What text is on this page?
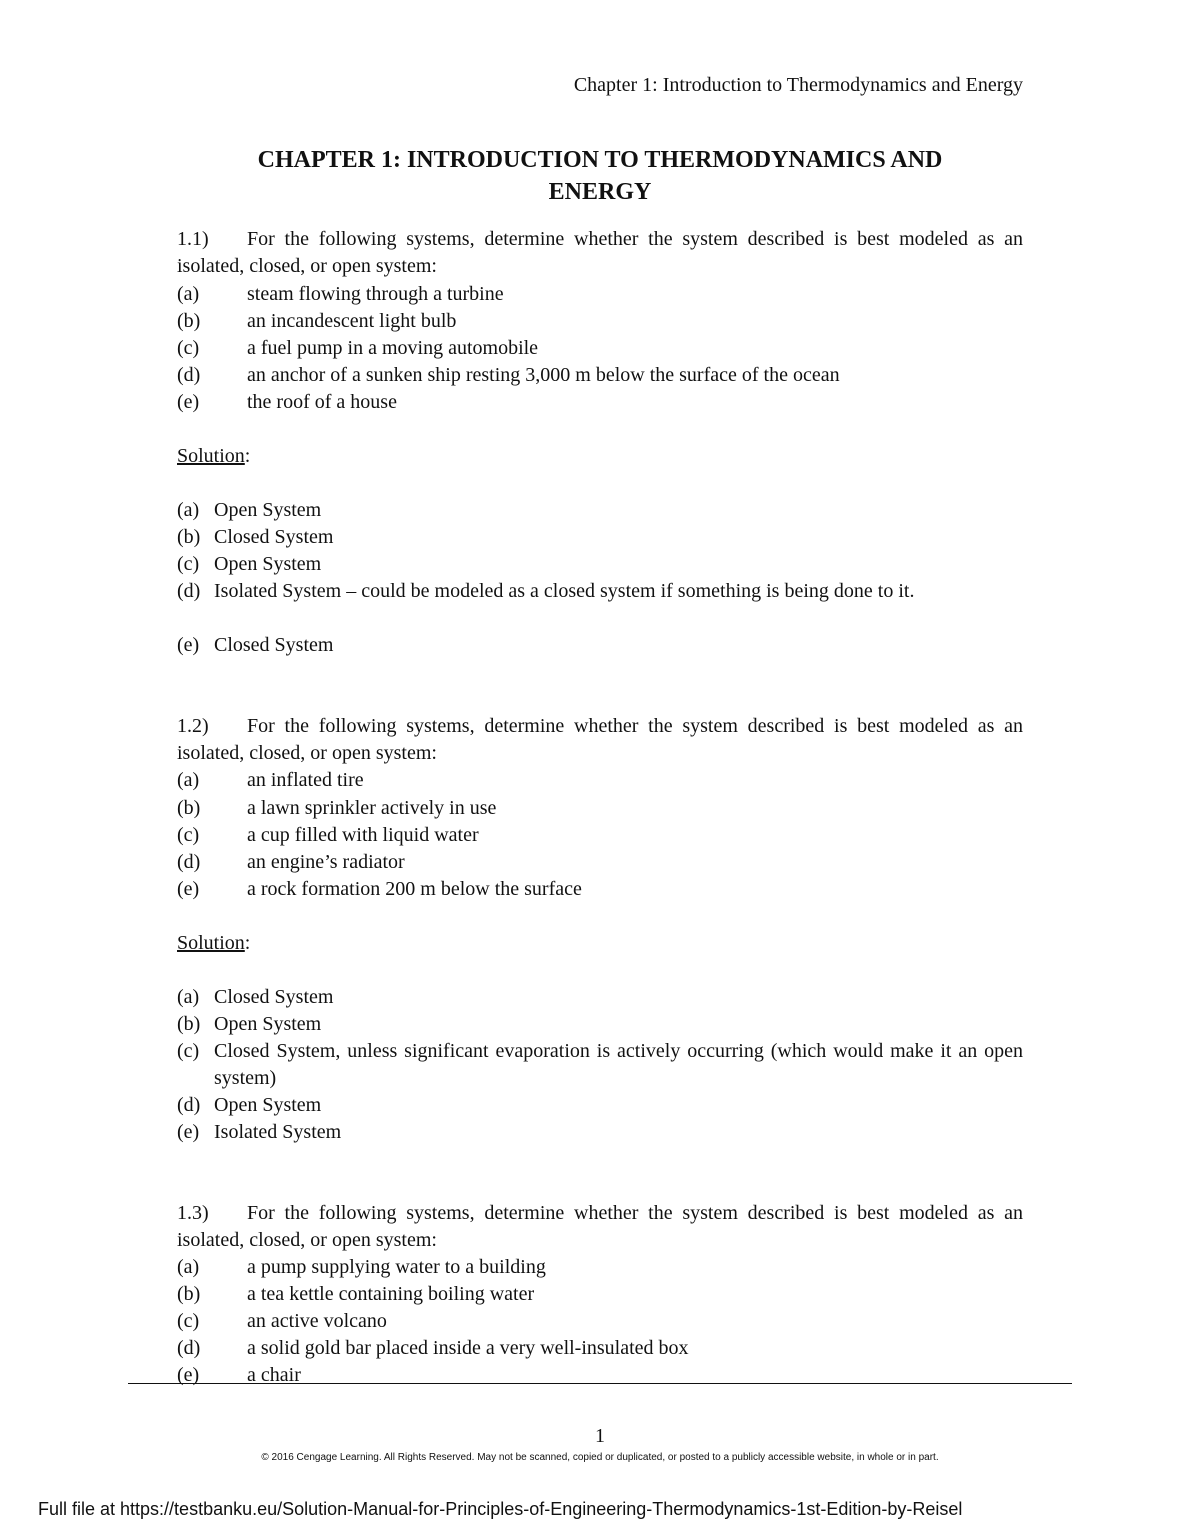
Chapter 1: Introduction to Thermodynamics and Energy
CHAPTER 1: INTRODUCTION TO THERMODYNAMICS AND
ENERGY
1.1) For the following systems, determine whether the system described is best modeled as an isolated, closed, or open system:
(a) steam flowing through a turbine
(b) an incandescent light bulb
(c) a fuel pump in a moving automobile
(d) an anchor of a sunken ship resting 3,000 m below the surface of the ocean
(e) the roof of a house
Solution:
(a) Open System
(b) Closed System
(c) Open System
(d) Isolated System – could be modeled as a closed system if something is being done to it.
(e) Closed System
1.2) For the following systems, determine whether the system described is best modeled as an isolated, closed, or open system:
(a) an inflated tire
(b) a lawn sprinkler actively in use
(c) a cup filled with liquid water
(d) an engine’s radiator
(e) a rock formation 200 m below the surface
Solution:
(a) Closed System
(b) Open System
(c) Closed System, unless significant evaporation is actively occurring (which would make it an open system)
(d) Open System
(e) Isolated System
1.3) For the following systems, determine whether the system described is best modeled as an isolated, closed, or open system:
(a) a pump supplying water to a building
(b) a tea kettle containing boiling water
(c) an active volcano
(d) a solid gold bar placed inside a very well-insulated box
(e) a chair
1
© 2016 Cengage Learning. All Rights Reserved. May not be scanned, copied or duplicated, or posted to a publicly accessible website, in whole or in part.
Full file at https://testbanku.eu/Solution-Manual-for-Principles-of-Engineering-Thermodynamics-1st-Edition-by-Reisel
